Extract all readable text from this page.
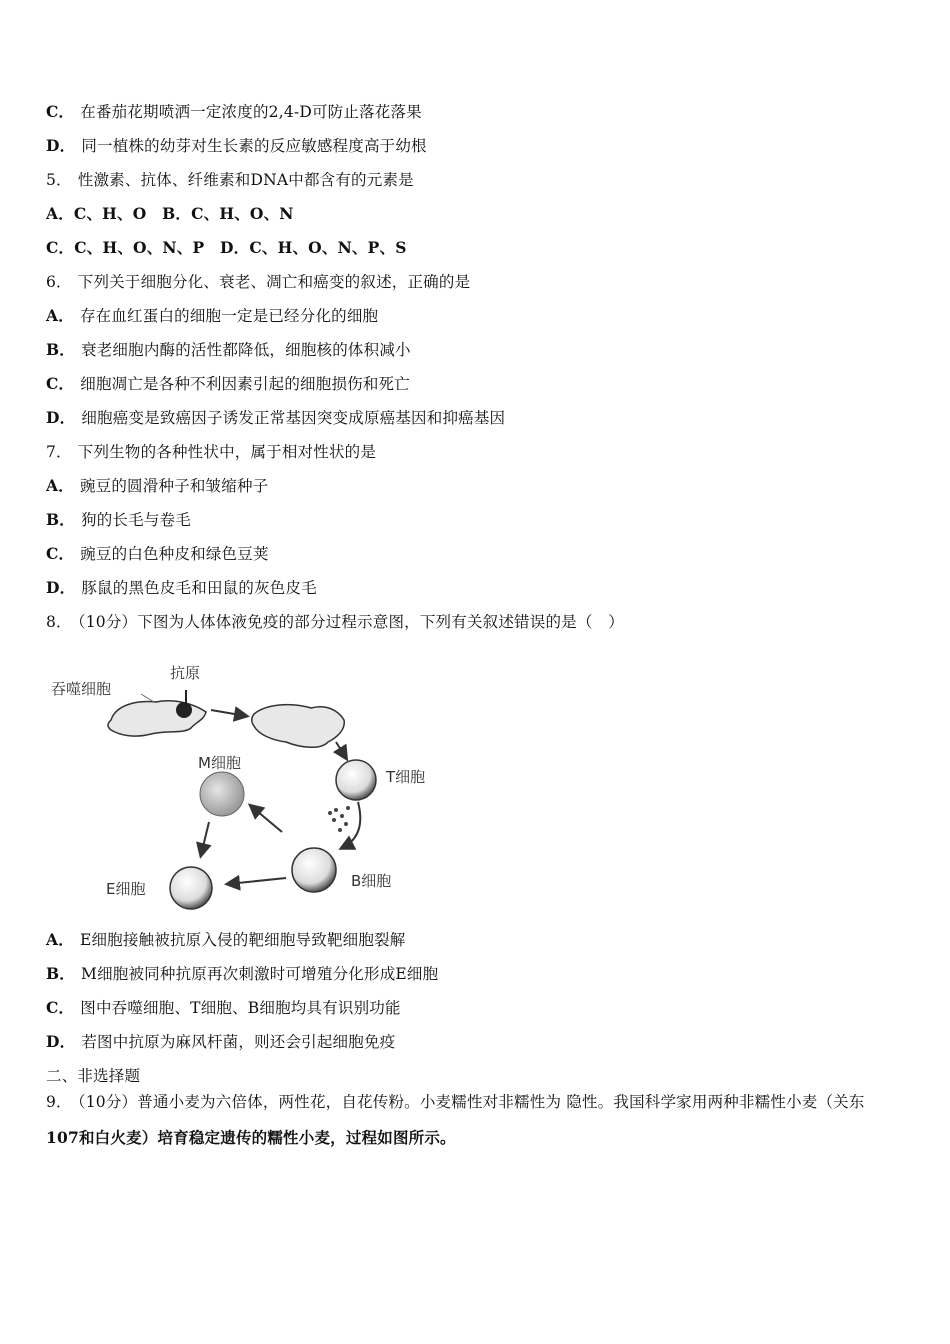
C． 在番茄花期喷洒一定浓度的2,4-D可防止落花落果
D． 同一植株的幼芽对生长素的反应敏感程度高于幼根
5． 性激素、抗体、纤维素和DNA中都含有的元素是
A．C、H、O　B．C、H、O、N
C．C、H、O、N、P　D．C、H、O、N、P、S
6． 下列关于细胞分化、衰老、凋亡和癌变的叙述，正确的是
A． 存在血红蛋白的细胞一定是已经分化的细胞
B． 衰老细胞内酶的活性都降低，细胞核的体积减小
C． 细胞凋亡是各种不利因素引起的细胞损伤和死亡
D． 细胞癌变是致癌因子诱发正常基因突变成原癌基因和抑癌基因
7． 下列生物的各种性状中，属于相对性状的是
A． 豌豆的圆滑种子和皱缩种子
B． 狗的长毛与卷毛
C． 豌豆的白色种皮和绿色豆荚
D． 豚鼠的黑色皮毛和田鼠的灰色皮毛
8． （10分）下图为人体体液免疫的部分过程示意图，下列有关叙述错误的是（　）
吞噬细胞
抗原
T细胞
M细胞
B细胞
E细胞
A． E细胞接触被抗原入侵的靶细胞导致靶细胞裂解
B． M细胞被同种抗原再次刺激时可增殖分化形成E细胞
C． 图中吞噬细胞、T细胞、B细胞均具有识别功能
D． 若图中抗原为麻风杆菌，则还会引起细胞免疫
二、非选择题
9． （10分）普通小麦为六倍体，两性花，自花传粉。小麦糯性对非糯性为 隐性。我国科学家用两种非糯性小麦（关东
107和白火麦）培育稳定遗传的糯性小麦，过程如图所示。
